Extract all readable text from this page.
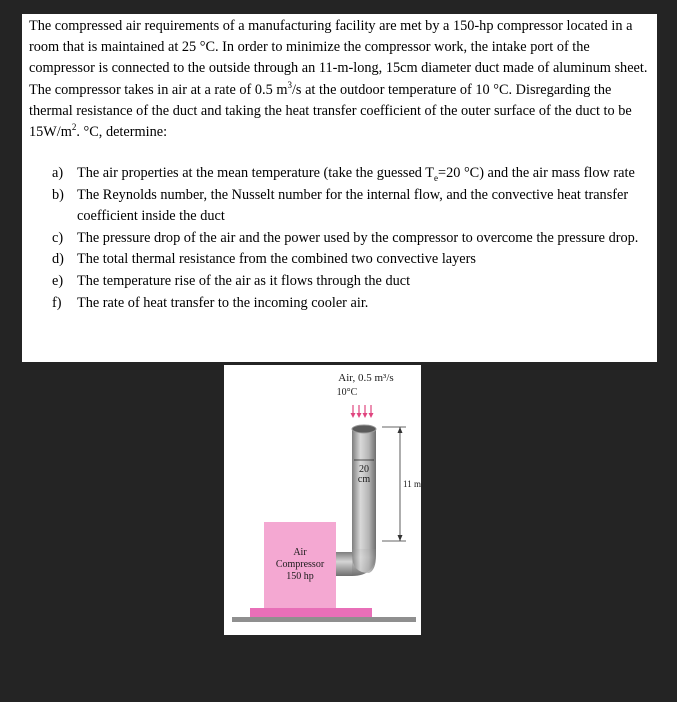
The compressed air requirements of a manufacturing facility are met by a 150-hp compressor located in a room that is maintained at 25 °C. In order to minimize the compressor work, the intake port of the compressor is connected to the outside through an 11-m-long, 15cm diameter duct made of aluminum sheet. The compressor takes in air at a rate of 0.5 $m^3/s$ at the outdoor temperature of 10 °C. Disregarding the thermal resistance of the duct and taking the heat transfer coefficient of the outer surface of the duct to be $15W/m^2$. °C, determine:

a) The air properties at the mean temperature (take the guessed $T_e=20$ °C) and the air mass flow rate
b) The Reynolds number, the Nusselt number for the internal flow, and the convective heat transfer coefficient inside the duct
c) The pressure drop of the air and the power used by the compressor to overcome the pressure drop.
d) The total thermal resistance from the combined two convective layers
e) The temperature rise of the air as it flows through the duct
f) The rate of heat transfer to the incoming cooler air.
Air, 0.5 m³/s
10°C
20
cm	11 m
Air
Compressor
150 hp
